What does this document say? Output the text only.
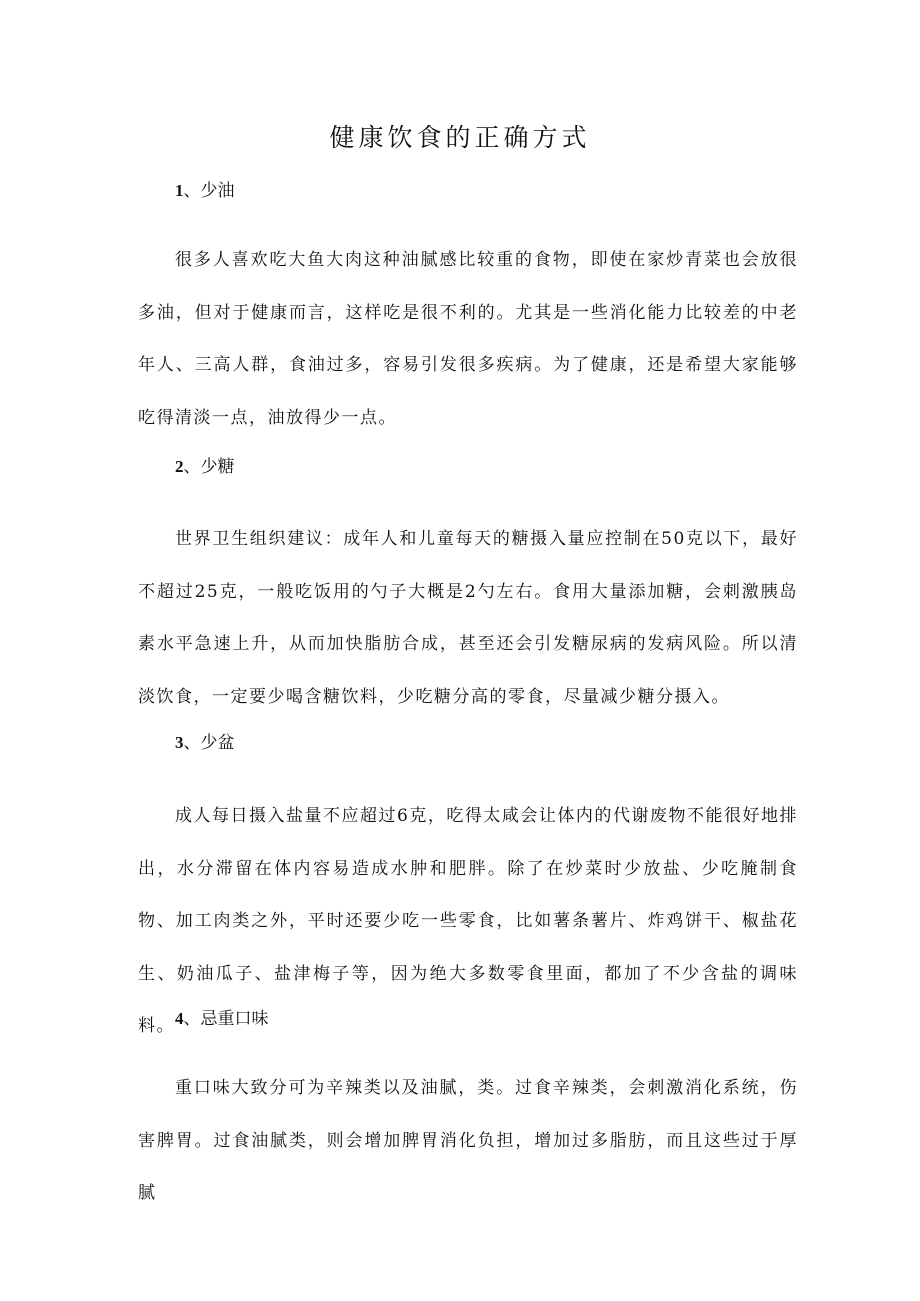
健康饮食的正确方式
1、少油

很多人喜欢吃大鱼大肉这种油腻感比较重的食物，即使在家炒青菜也会放很多油，但对于健康而言，这样吃是很不利的。尤其是一些消化能力比较差的中老年人、三高人群，食油过多，容易引发很多疾病。为了健康，还是希望大家能够吃得清淡一点，油放得少一点。

2、少糖

世界卫生组织建议：成年人和儿童每天的糖摄入量应控制在50克以下，最好不超过25克，一般吃饭用的勺子大概是2勺左右。食用大量添加糖，会刺激胰岛素水平急速上升，从而加快脂肪合成，甚至还会引发糖尿病的发病风险。所以清淡饮食，一定要少喝含糖饮料，少吃糖分高的零食，尽量减少糖分摄入。

3、少盆

成人每日摄入盐量不应超过6克，吃得太咸会让体内的代谢废物不能很好地排出，水分滞留在体内容易造成水肿和肥胖。除了在炒菜时少放盐、少吃腌制食物、加工肉类之外，平时还要少吃一些零食，比如薯条薯片、炸鸡饼干、椒盐花生、奶油瓜子、盐津梅子等，因为绝大多数零食里面，都加了不少含盐的调味料。 4、忌重口味

重口味大致分可为辛辣类以及油腻，类。过食辛辣类，会刺激消化系统，伤害脾胃。过食油腻类，则会增加脾胃消化负担，增加过多脂肪，而且这些过于厚腻
